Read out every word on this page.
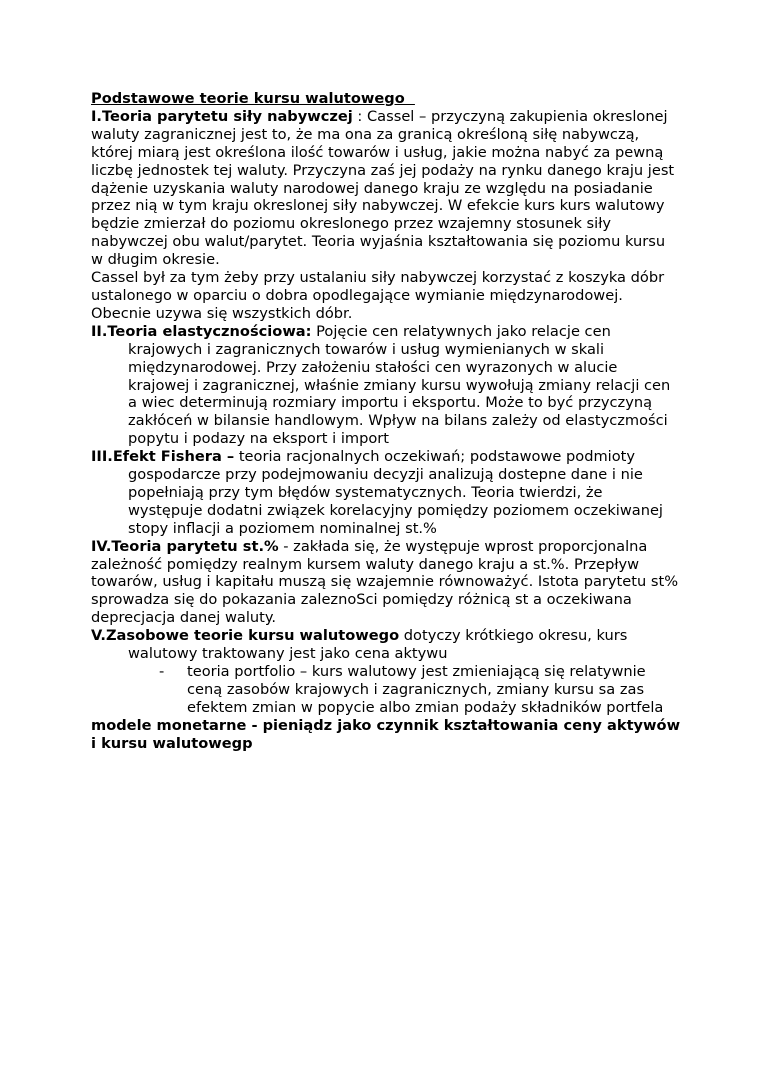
Podstawowe teorie kursu walutowego

I.Teoria parytetu siły nabywczej : Cassel – przyczyną zakupienia okreslonej waluty zagranicznej jest to, że ma ona za granicą określoną siłę nabywczą, której miarą jest określona ilość towarów i usług, jakie można nabyć za pewną liczbę jednostek tej waluty. Przyczyna zaś jej podaży na rynku danego kraju jest dążenie uzyskania waluty narodowej danego kraju ze względu na posiadanie przez nią w tym kraju okreslonej siły nabywczej. W efekcie kurs kurs walutowy będzie zmierzał do poziomu okreslonego przez wzajemny stosunek siły nabywczej obu walut/parytet. Teoria wyjaśnia kształtowania się poziomu kursu w długim okresie.

Cassel był za tym żeby przy ustalaniu siły nabywczej korzystać z koszyka dóbr ustalonego w oparciu o dobra opodlegające wymianie międzynarodowej. Obecnie uzywa się wszystkich dóbr.

II.Teoria elastycznościowa: Pojęcie cen relatywnych jako relacje cen krajowych i zagranicznych towarów i usług wymienianych w skali międzynarodowej. Przy założeniu stałości cen wyrazonych w alucie krajowej i zagranicznej, właśnie zmiany kursu wywołują zmiany relacji cen a wiec determinują rozmiary importu i eksportu. Może to być przyczyną zakłóceń w bilansie handlowym. Wpływ na bilans zależy od elastyczmości popytu i podazy na eksport i import

III.Efekt Fishera – teoria racjonalnych oczekiwań; podstawowe podmioty gospodarcze przy podejmowaniu decyzji analizują dostepne dane i nie popełniają przy tym błędów systematycznych. Teoria twierdzi, że występuje dodatni związek korelacyjny pomiędzy poziomem oczekiwanej stopy inflacji a poziomem nominalnej st.%

IV.Teoria parytetu st.% - zakłada się, że występuje wprost proporcjonalna zależność pomiędzy realnym kursem waluty danego kraju a st.%. Przepływ towarów, usług i kapitału muszą się wzajemnie równoważyć. Istota parytetu st% sprowadza się do pokazania zaleznoSci pomiędzy różnicą st a oczekiwana deprecjacja danej waluty.

V.Zasobowe teorie kursu walutowego dotyczy krótkiego okresu, kurs walutowy traktowany jest jako cena aktywu

-	teoria portfolio – kurs walutowy jest zmieniającą się relatywnie ceną zasobów krajowych i zagranicznych, zmiany kursu sa zas efektem zmian w popycie albo zmian podaży składników portfela

modele monetarne - pieniądz jako czynnik kształtowania ceny aktywów i kursu walutowegp
